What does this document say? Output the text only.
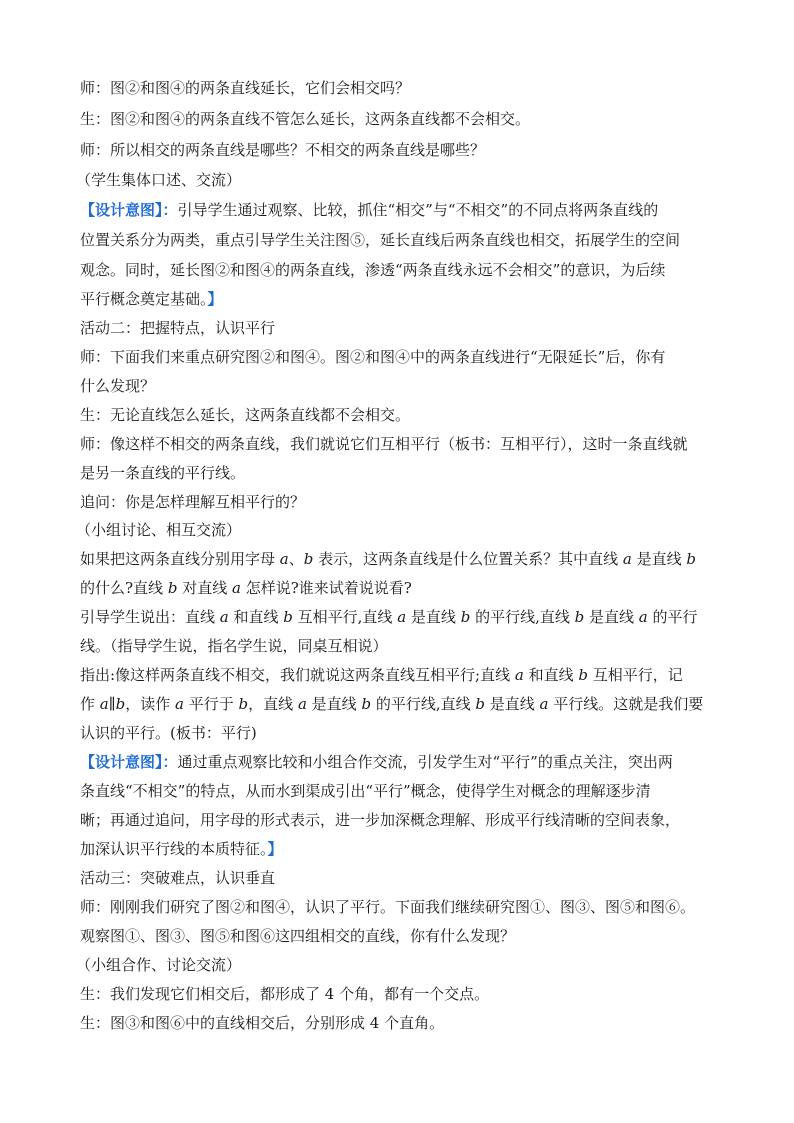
师：图②和图④的两条直线延长，它们会相交吗？
生：图②和图④的两条直线不管怎么延长，这两条直线都不会相交。
师：所以相交的两条直线是哪些？不相交的两条直线是哪些？
（学生集体口述、交流）
【设计意图】：引导学生通过观察、比较，抓住“相交”与“不相交”的不同点将两条直线的
位置关系分为两类，重点引导学生关注图⑤，延长直线后两条直线也相交，拓展学生的空间
观念。同时，延长图②和图④的两条直线，渗透“两条直线永远不会相交”的意识，为后续
平行概念奠定基础。】
活动二：把握特点，认识平行
师：下面我们来重点研究图②和图④。图②和图④中的两条直线进行“无限延长”后，你有
什么发现？
生：无论直线怎么延长，这两条直线都不会相交。
师：像这样不相交的两条直线，我们就说它们互相平行（板书：互相平行），这时一条直线就
是另一条直线的平行线。
追问：你是怎样理解互相平行的？
（小组讨论、相互交流）
如果把这两条直线分别用字母 a、b 表示，这两条直线是什么位置关系？其中直线 a 是直线 b
的什么?直线 b 对直线 a 怎样说?谁来试着说说看?
引导学生说出：直线 a 和直线 b 互相平行,直线 a 是直线 b 的平行线,直线 b 是直线 a 的平行
线。（指导学生说，指名学生说，同桌互相说）
指出:像这样两条直线不相交，我们就说这两条直线互相平行;直线 a 和直线 b 互相平行，记
作 a∥b，读作 a 平行于 b，直线 a 是直线 b 的平行线,直线 b 是直线 a 平行线。这就是我们要
认识的平行。(板书：平行)
【设计意图】：通过重点观察比较和小组合作交流，引发学生对“平行”的重点关注，突出两
条直线“不相交”的特点，从而水到渠成引出“平行”概念，使得学生对概念的理解逐步清
晰；再通过追问，用字母的形式表示，进一步加深概念理解、形成平行线清晰的空间表象，
加深认识平行线的本质特征。】
活动三：突破难点，认识垂直
师：刚刚我们研究了图②和图④，认识了平行。下面我们继续研究图①、图③、图⑤和图⑥。
观察图①、图③、图⑤和图⑥这四组相交的直线，你有什么发现？
（小组合作、讨论交流）
生：我们发现它们相交后，都形成了 4 个角，都有一个交点。
生：图③和图⑥中的直线相交后，分别形成 4 个直角。
